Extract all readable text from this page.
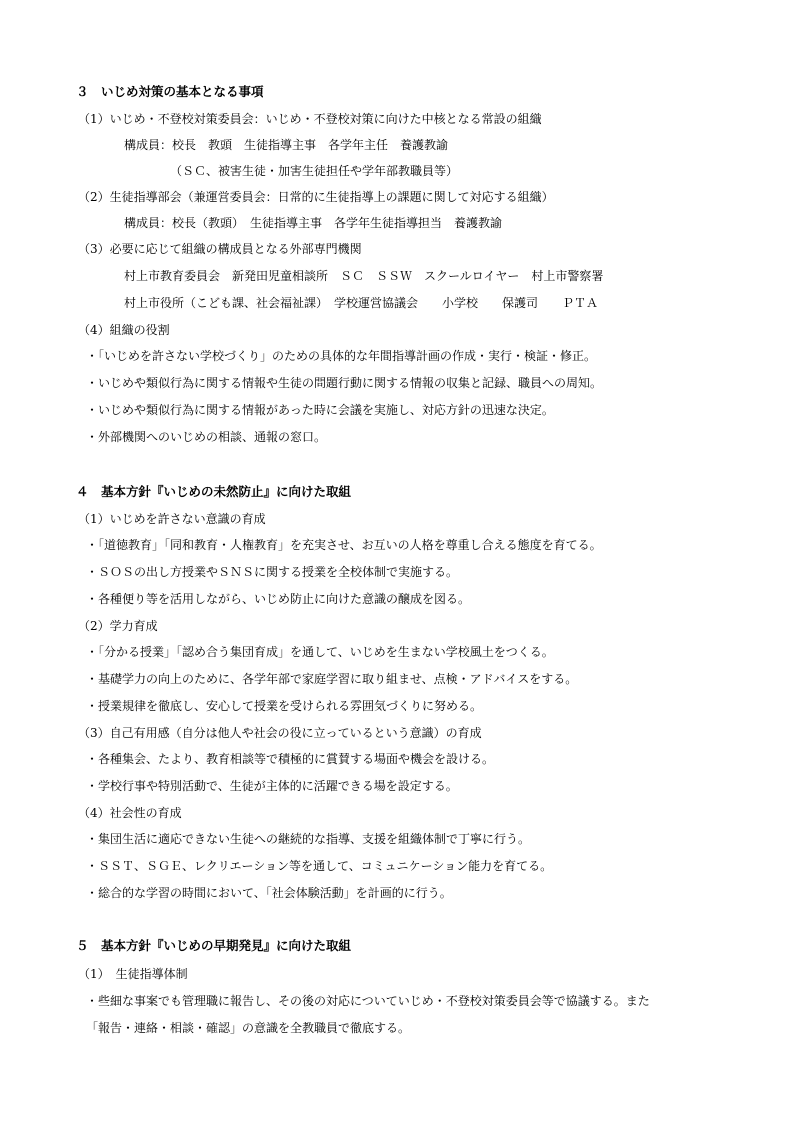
３　いじめ対策の基本となる事項
（1）いじめ・不登校対策委員会：いじめ・不登校対策に向けた中核となる常設の組織
構成員：校長　教頭　生徒指導主事　各学年主任　養護教諭
（ＳＣ、被害生徒・加害生徒担任や学年部教職員等）
（2）生徒指導部会（兼運営委員会：日常的に生徒指導上の課題に関して対応する組織）
構成員：校長（教頭）　生徒指導主事　各学年生徒指導担当　養護教諭
（3）必要に応じて組織の構成員となる外部専門機関
村上市教育委員会　新発田児童相談所　ＳＣ　ＳＳＷ　スクールロイヤー　村上市警察署
村上市役所（こども課、社会福祉課）　学校運営協議会　　小学校　　保護司　　ＰＴＡ
（4）組織の役割
・「いじめを許さない学校づくり」のための具体的な年間指導計画の作成・実行・検証・修正。
・いじめや類似行為に関する情報や生徒の問題行動に関する情報の収集と記録、職員への周知。
・いじめや類似行為に関する情報があった時に会議を実施し、対応方針の迅速な決定。
・外部機関へのいじめの相談、通報の窓口。
４　基本方針『いじめの未然防止』に向けた取組
（1）いじめを許さない意識の育成
・「道徳教育」「同和教育・人権教育」を充実させ、お互いの人格を尊重し合える態度を育てる。
・ＳＯＳの出し方授業やＳＮＳに関する授業を全校体制で実施する。
・各種便り等を活用しながら、いじめ防止に向けた意識の醸成を図る。
（2）学力育成
・「分かる授業」「認め合う集団育成」を通して、いじめを生まない学校風土をつくる。
・基礎学力の向上のために、各学年部で家庭学習に取り組ませ、点検・アドバイスをする。
・授業規律を徹底し、安心して授業を受けられる雰囲気づくりに努める。
（3）自己有用感（自分は他人や社会の役に立っているという意識）の育成
・各種集会、たより、教育相談等で積極的に賞賛する場面や機会を設ける。
・学校行事や特別活動で、生徒が主体的に活躍できる場を設定する。
（4）社会性の育成
・集団生活に適応できない生徒への継続的な指導、支援を組織体制で丁寧に行う。
・ＳＳＴ、ＳＧＥ、レクリエーション等を通して、コミュニケーション能力を育てる。
・総合的な学習の時間において、「社会体験活動」を計画的に行う。
５　基本方針『いじめの早期発見』に向けた取組
（1）　生徒指導体制
・些細な事案でも管理職に報告し、その後の対応についていじめ・不登校対策委員会等で協議する。また
「報告・連絡・相談・確認」の意識を全教職員で徹底する。
